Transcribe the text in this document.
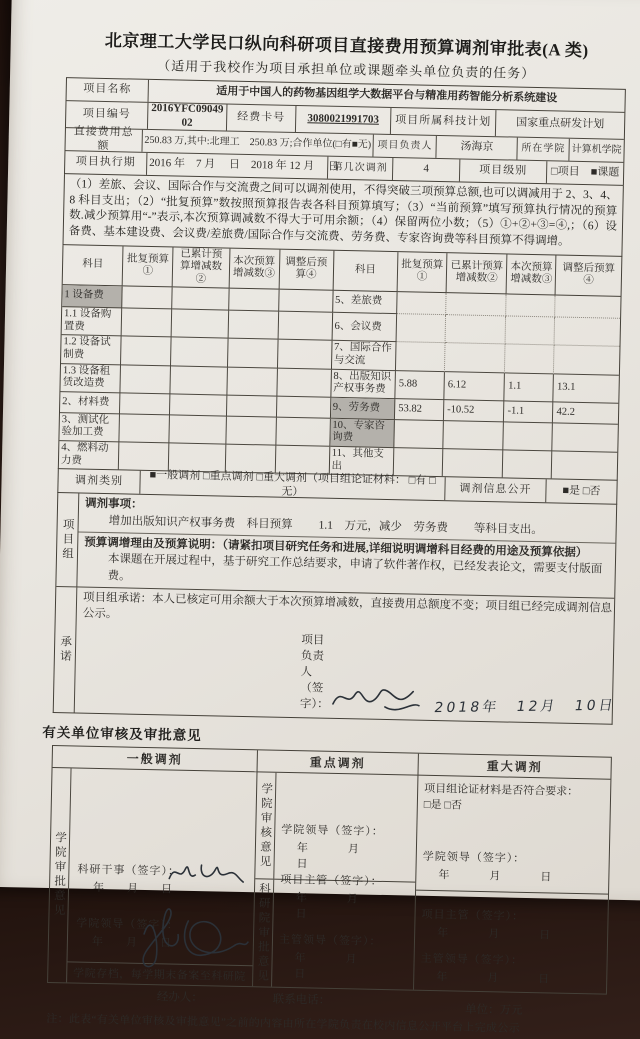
北京理工大学民口纵向科研项目直接费用预算调剂审批表(A 类)
（适用于我校作为项目承担单位或课题牵头单位负责的任务）
项目名称	适用于中国人的药物基因组学大数据平台与精准用药智能分析系统建设
项目编号	2016YFC0904902	经费卡号	3080021991703	项目所属科技计划	国家重点研发计划
直接费用总额	250.83 万,其中:北理工　250.83 万;合作单位(□有■无) 项目负责人	汤海京	所在学院 计算机学院
项目执行期	2016 年　7 月　 日　2018 年 12 月　 日
第几次调剂	4	项目级别	□项目　■课题
（1）差旅、会议、国际合作与交流费之间可以调剂使用，不得突破三项预算总额,也可以调减用于 2、3、4、8 科目支出；（2）“批复预算”数按照预算报告表各科目预算填写；（3）“当前预算”填写预算执行情况的预算数.减少预算用“-”表示,本次预算调减数不得大于可用余额；（4）保留两位小数；（5）①+②+③=④,；（6）设备费、基本建设费、会议费/差旅费/国际合作与交流费、劳务费、专家咨询费等科目预算不得调增。
科目	批复预算①	已累计预算增减数②	本次预算增减数③	调整后预算④	科目	批复预算①	已累计预算增减数②	本次预算增减数③	调整后预算④
1 设备费					5、差旅费				
1.1 设备购置费					6、会议费				
1.2 设备试制费					7、国际合作与交流				
1.3 设备租赁改造费					8、出版知识产权事务费	5.88	6.12	1.1	13.1
2、材料费					9、劳务费	53.82	-10.52	-1.1	42.2
3、测试化验加工费					10、专家咨询费				
4、燃料动力费					11、其他支出				
调剂类别	■一般调剂 □重点调剂 □重大调剂（项目组论证材料： □有 □无）	调剂信息公开	■是 □否
项目组
调剂事项：
增加出版知识产权事务费　科目预算　　 1.1　万元，减少　劳务费　　 等科目支出。
预算调增理由及预算说明：（请紧扣项目研究任务和进展,详细说明调增科目经费的用途及预算依据）
本课题在开展过程中，基于研究工作总结要求，申请了软件著作权，已经发表论文，需要支付版面费。
承诺
项目组承诺：本人已核定可用余额大于本次预算增减数，直接费用总额度不变；项目组已经完成调剂信息公示。
项目负责人（签字）：	2018年　12月　10日
有关单位审核及审批意见
一般调剂
学院审批意见	科研干事（签字）：
年　月　日
学院领导（签字）：
年　月　日
学院存档，每学期末备案至科研院
重点调剂
学院审核意见 学院领导（签字）：
年　　月　　日
科研院审批意见
项目主管（签字）：
年　　月　　日
主管领导（签字）：
年　　月　　日
重大调剂
项目组论证材料是否符合要求：
□是 □否
学院领导（签字）：
年　　月　　日
项目主管（签字）：
年　　月　　日
主管领导（签字）：
年　　月　　日
经办人：	联系电话：
单位：万元
注：此表“有关单位审核及审批意见”之前的内容由所在学院负责在校内信息公开平台上完成公示
